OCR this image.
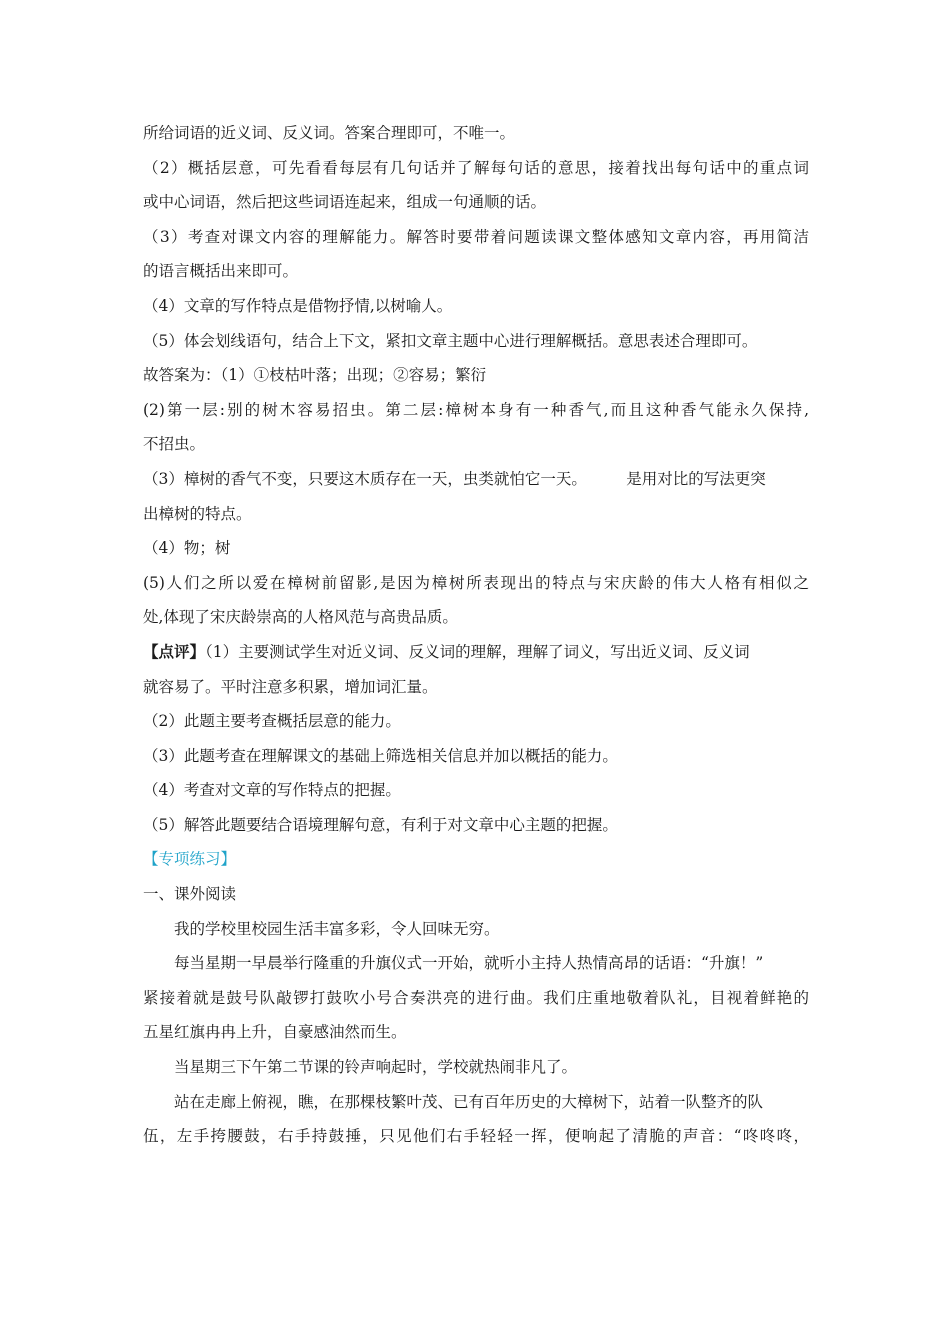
所给词语的近义词、反义词。答案合理即可，不唯一。
（2）概括层意，可先看看每层有几句话并了解每句话的意思，接着找出每句话中的重点词
或中心词语，然后把这些词语连起来，组成一句通顺的话。
（3）考查对课文内容的理解能力。解答时要带着问题读课文整体感知文章内容，再用简洁
的语言概括出来即可。
（4）文章的写作特点是借物抒情,以树喻人。
（5）体会划线语句，结合上下文，紧扣文章主题中心进行理解概括。意思表述合理即可。
故答案为：（1）①枝枯叶落；出现；②容易；繁衍
(2)第一层:别的树木容易招虫。第二层:樟树本身有一种香气,而且这种香气能永久保持,
不招虫。
（3）樟树的香气不变，只要这木质存在一天，虫类就怕它一天。        是用对比的写法更突
出樟树的特点。
（4）物；树
(5)人们之所以爱在樟树前留影,是因为樟树所表现出的特点与宋庆龄的伟大人格有相似之
处,体现了宋庆龄崇高的人格风范与高贵品质。
【点评】（1）主要测试学生对近义词、反义词的理解，理解了词义，写出近义词、反义词
就容易了。平时注意多积累，增加词汇量。
（2）此题主要考查概括层意的能力。
（3）此题考查在理解课文的基础上筛选相关信息并加以概括的能力。
（4）考查对文章的写作特点的把握。
（5）解答此题要结合语境理解句意，有利于对文章中心主题的把握。
【专项练习】
一、课外阅读
我的学校里校园生活丰富多彩，令人回味无穷。
每当星期一早晨举行隆重的升旗仪式一开始，就听小主持人热情高昂的话语：“升旗！”
紧接着就是鼓号队敲锣打鼓吹小号合奏洪亮的进行曲。我们庄重地敬着队礼，目视着鲜艳的
五星红旗冉冉上升，自豪感油然而生。
当星期三下午第二节课的铃声响起时，学校就热闹非凡了。
站在走廊上俯视，瞧，在那棵枝繁叶茂、已有百年历史的大樟树下，站着一队整齐的队
伍，左手挎腰鼓，右手持鼓捶，只见他们右手轻轻一挥，便响起了清脆的声音：“咚咚咚，
